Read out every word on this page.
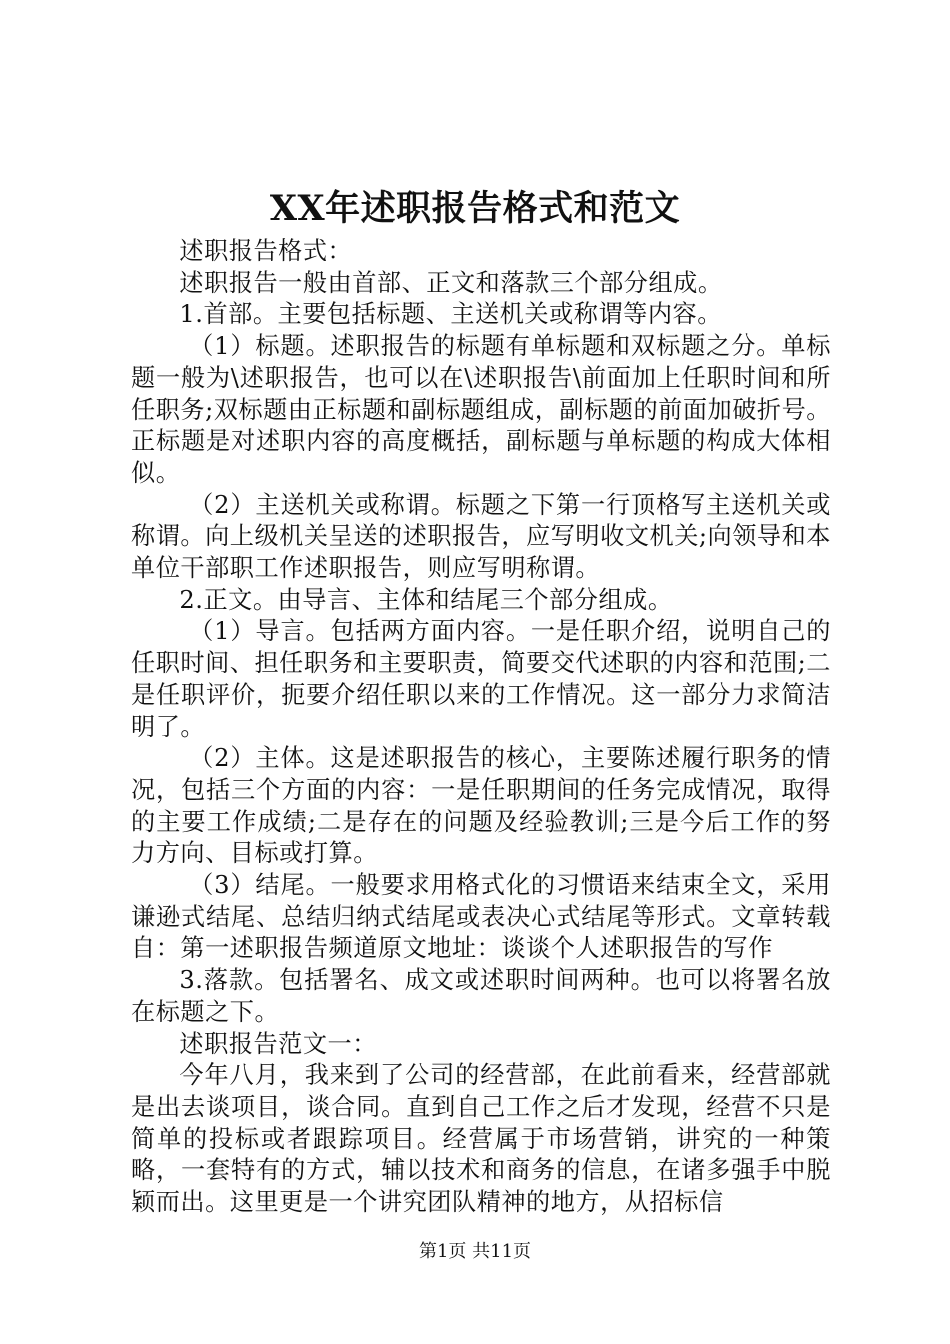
XX年述职报告格式和范文

述职报告格式：

述职报告一般由首部、正文和落款三个部分组成。

1.首部。主要包括标题、主送机关或称谓等内容。

（1）标题。述职报告的标题有单标题和双标题之分。单标题一般为\述职报告，也可以在\述职报告\前面加上任职时间和所任职务;双标题由正标题和副标题组成，副标题的前面加破折号。正标题是对述职内容的高度概括，副标题与单标题的构成大体相似。

（2）主送机关或称谓。标题之下第一行顶格写主送机关或称谓。向上级机关呈送的述职报告，应写明收文机关;向领导和本单位干部职工作述职报告，则应写明称谓。

2.正文。由导言、主体和结尾三个部分组成。

（1）导言。包括两方面内容。一是任职介绍，说明自己的任职时间、担任职务和主要职责，简要交代述职的内容和范围;二是任职评价，扼要介绍任职以来的工作情况。这一部分力求简洁明了。

（2）主体。这是述职报告的核心，主要陈述履行职务的情况，包括三个方面的内容：一是任职期间的任务完成情况，取得的主要工作成绩;二是存在的问题及经验教训;三是今后工作的努力方向、目标或打算。

（3）结尾。一般要求用格式化的习惯语来结束全文，采用谦逊式结尾、总结归纳式结尾或表决心式结尾等形式。文章转载自：第一述职报告频道原文地址：谈谈个人述职报告的写作

3.落款。包括署名、成文或述职时间两种。也可以将署名放在标题之下。

述职报告范文一：

今年八月，我来到了公司的经营部，在此前看来，经营部就是出去谈项目，谈合同。直到自己工作之后才发现，经营不只是简单的投标或者跟踪项目。经营属于市场营销，讲究的一种策略，一套特有的方式，辅以技术和商务的信息，在诸多强手中脱颖而出。这里更是一个讲究团队精神的地方，从招标信

第1页 共11页
